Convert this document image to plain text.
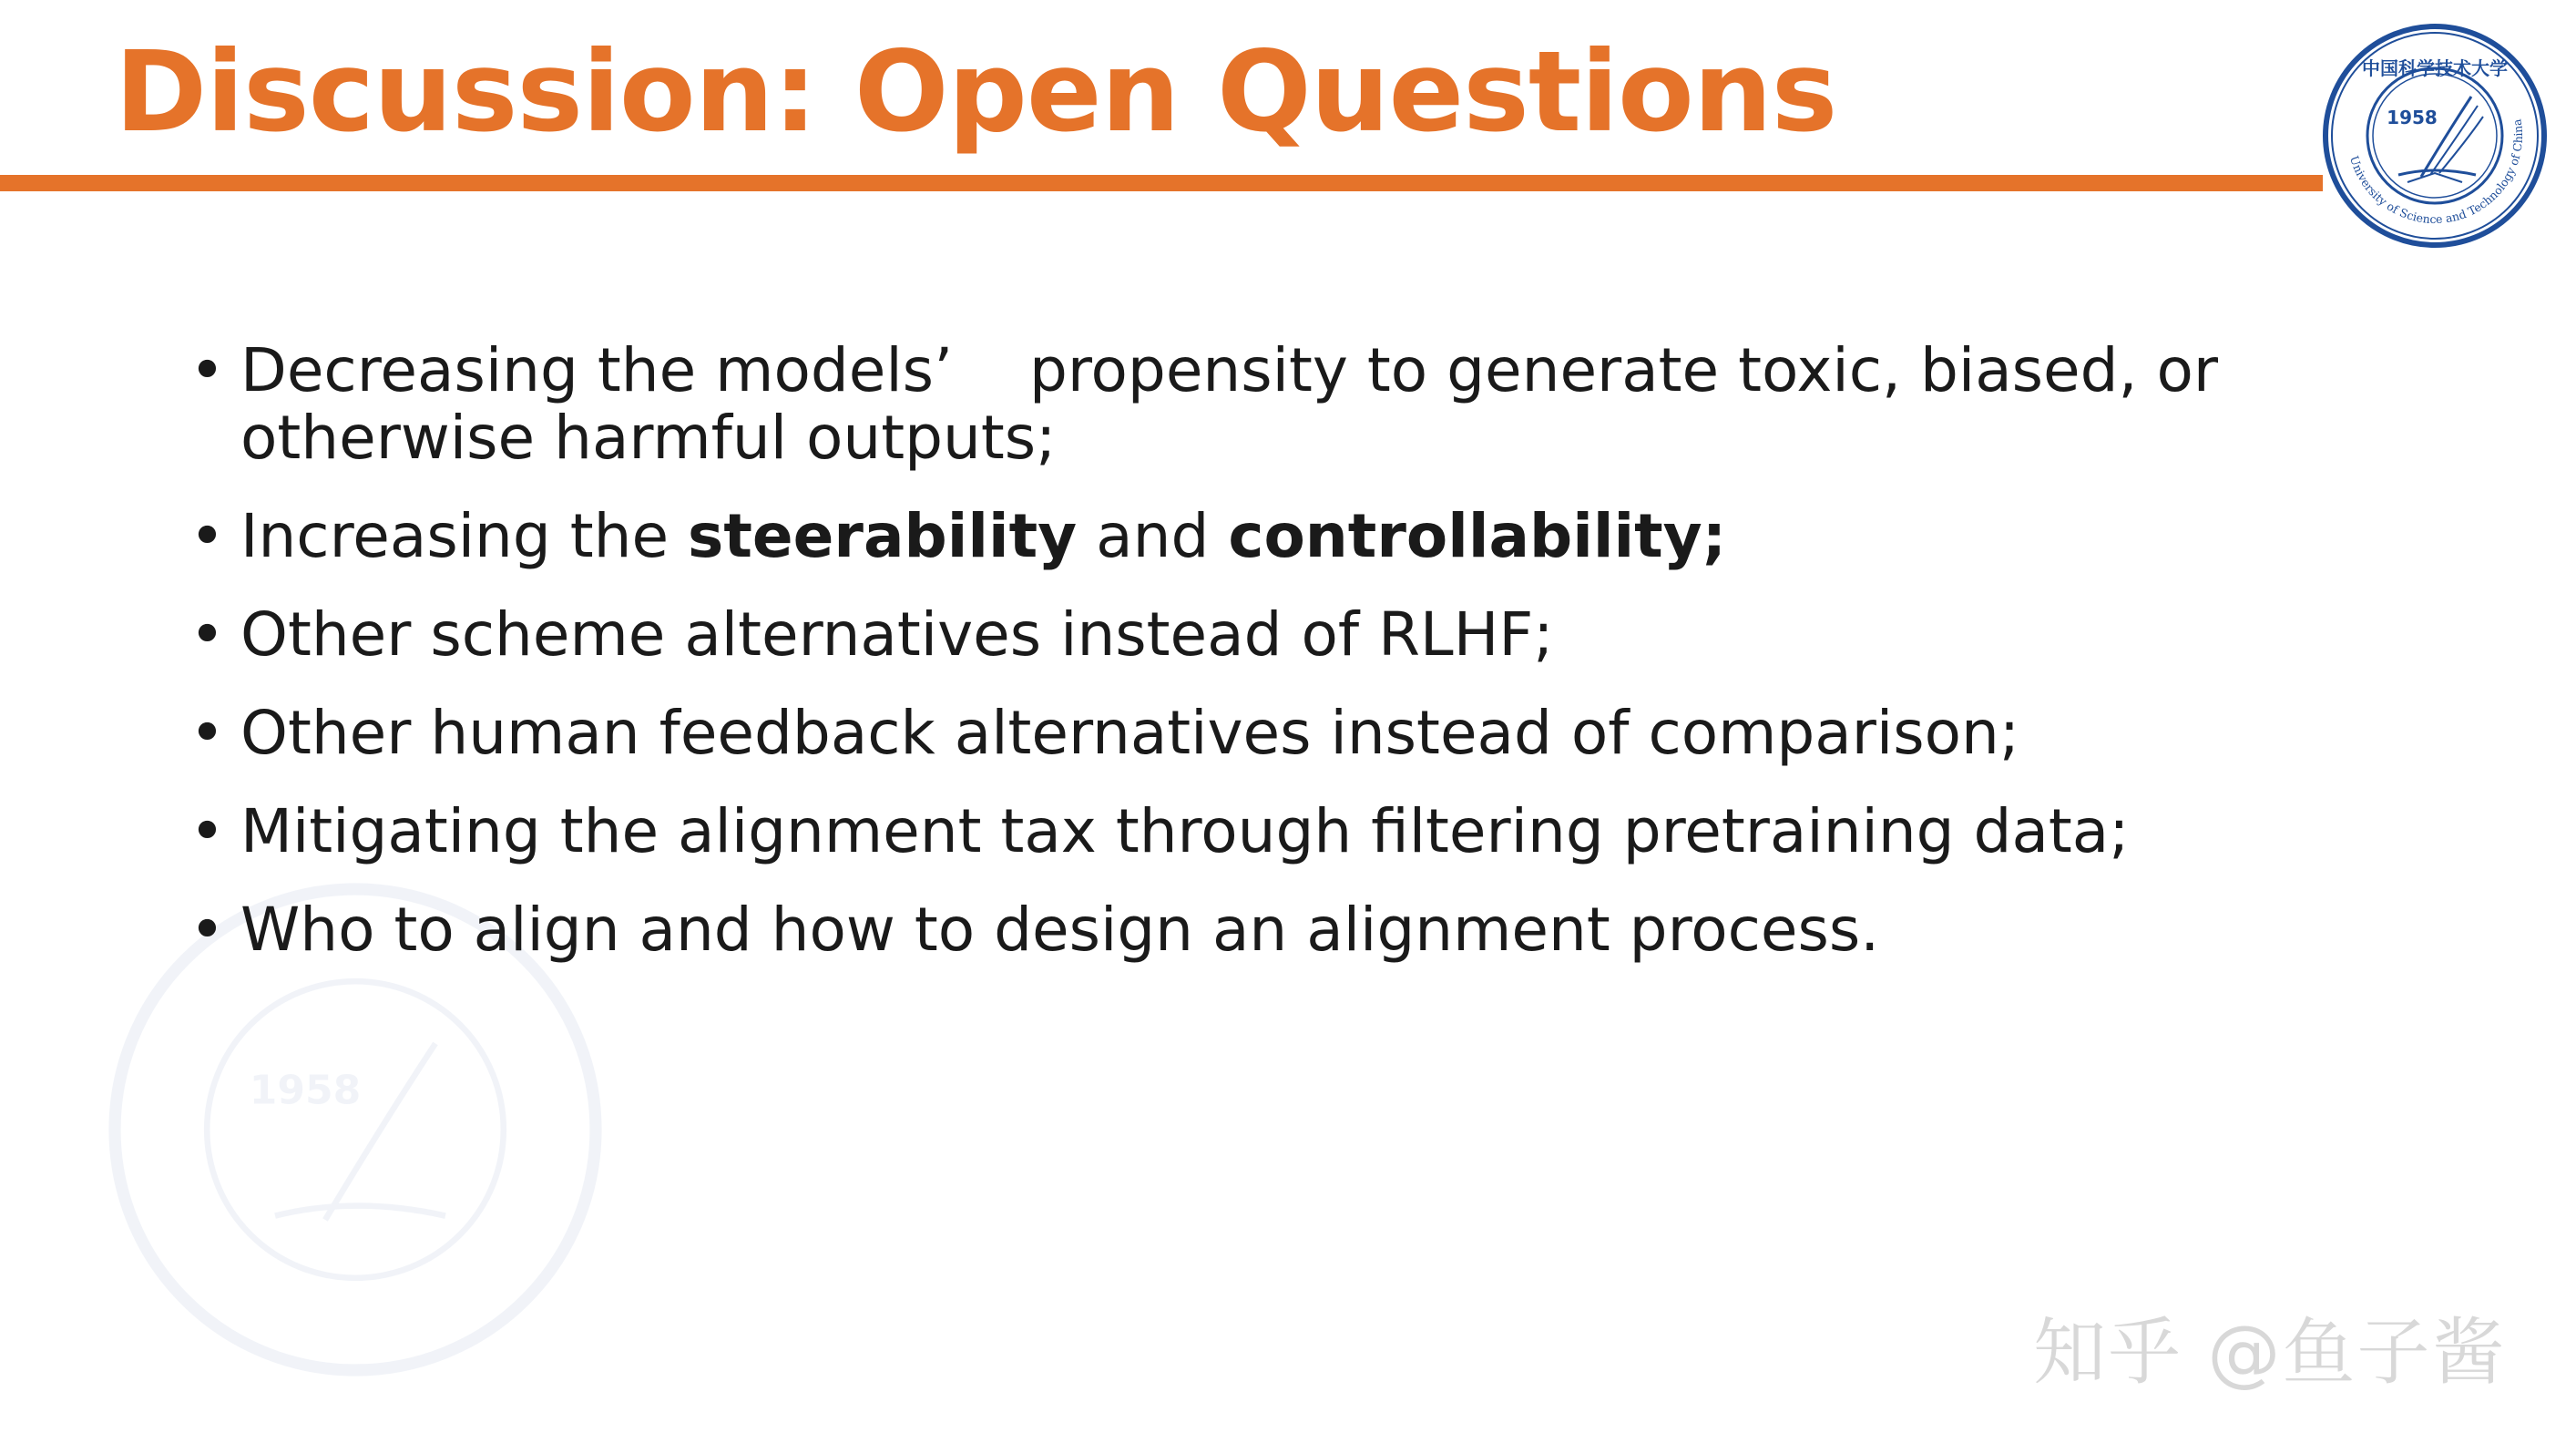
Discussion: Open Questions
University of Science and Technology of China
中国科学技术大学
1958
1958
• Decreasing the models’    propensity to generate toxic, biased, or otherwise harmful outputs;
• Increasing the steerability and controllability;
• Other scheme alternatives instead of RLHF;
• Other human feedback alternatives instead of comparison;
• Mitigating the alignment tax through filtering pretraining data;
• Who to align and how to design an alignment process.
知乎 @鱼子酱
